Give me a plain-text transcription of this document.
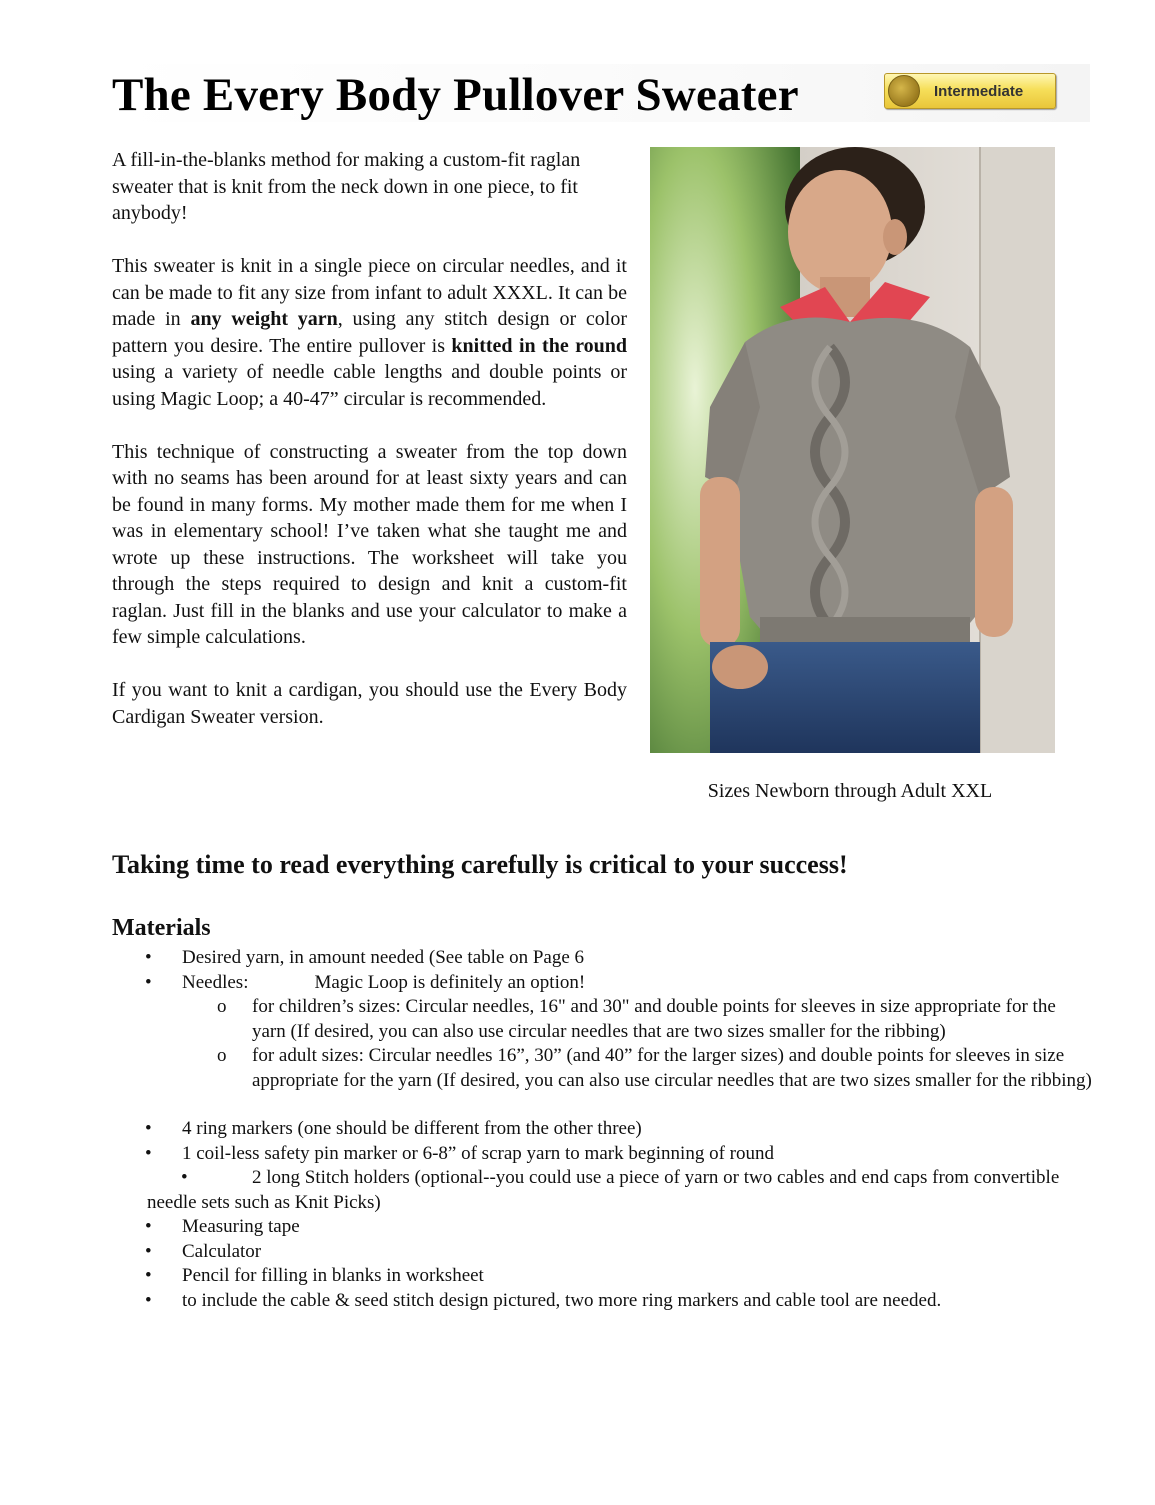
The Every Body Pullover Sweater	Intermediate

A fill-in-the-blanks method for making a custom-fit raglan sweater that is knit from the neck down in one piece, to fit anybody!

This sweater is knit in a single piece on circular needles, and it can be made to fit any size from infant to adult XXXL. It can be made in any weight yarn, using any stitch design or color pattern you desire. The entire pullover is knitted in the round using a variety of needle cable lengths and double points or using Magic Loop; a 40-47” circular is recommended.

This technique of constructing a sweater from the top down with no seams has been around for at least sixty years and can be found in many forms. My mother made them for me when I was in elementary school! I’ve taken what she taught me and wrote up these instructions. The worksheet will take you through the steps required to design and knit a custom-fit raglan. Just fill in the blanks and use your calculator to make a few simple calculations.

If you want to knit a cardigan, you should use the Every Body Cardigan Sweater version.

Sizes Newborn through Adult XXL
Taking time to read everything carefully is critical to your success!
Materials
• Desired yarn, in amount needed (See table on Page 6
• Needles:	Magic Loop is definitely an option!
o for children’s sizes: Circular needles, 16" and 30" and double points for sleeves in size appropriate for the yarn (If desired, you can also use circular needles that are two sizes smaller for the ribbing)
o for adult sizes: Circular needles 16”, 30” (and 40” for the larger sizes) and double points for sleeves in size appropriate for the yarn (If desired, you can also use circular needles that are two sizes smaller for the ribbing)
• 4 ring markers (one should be different from the other three)
• 1 coil-less safety pin marker or 6-8” of scrap yarn to mark beginning of round
•	2 long Stitch holders (optional--you could use a piece of yarn or two cables and end caps from convertible needle sets such as Knit Picks)
• Measuring tape
• Calculator
• Pencil for filling in blanks in worksheet
• to include the cable & seed stitch design pictured, two more ring markers and cable tool are needed.
